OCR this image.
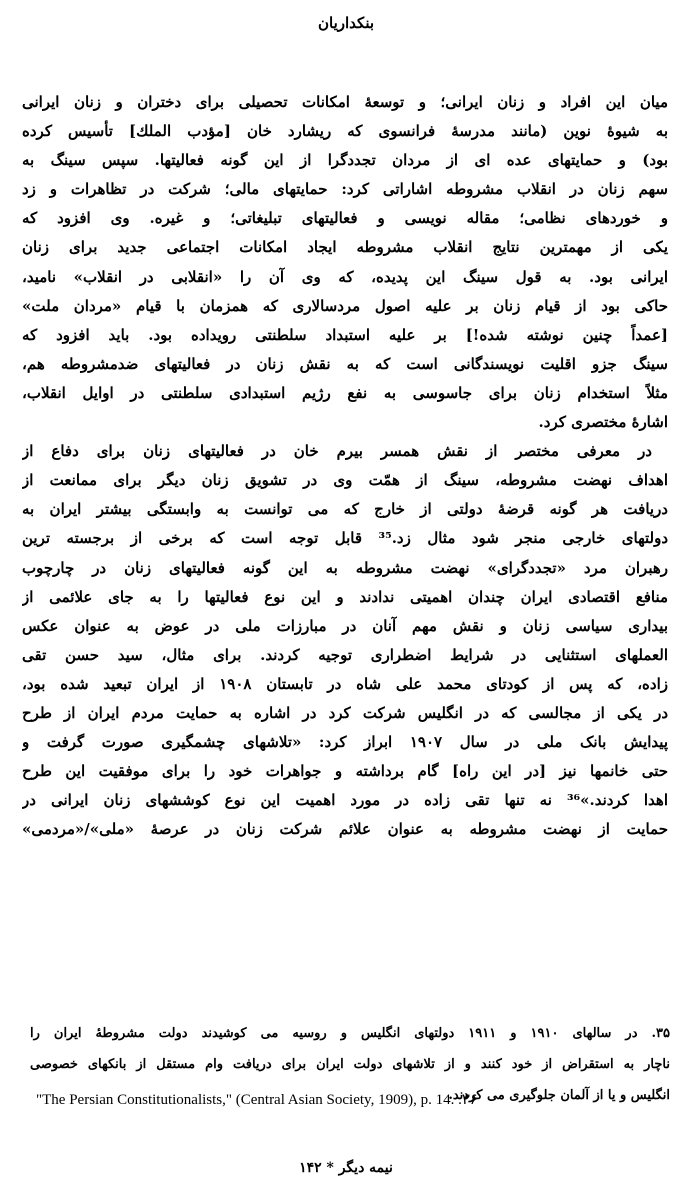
بنکداریان

میان این افراد و زنان ایرانی؛ و توسعهٔ امکانات تحصیلی برای دختران و زنان ایرانی
به شیوهٔ نوین (مانند مدرسهٔ فرانسوی که ریشارد خان [مؤدب الملك] تأسیس کرده
بود) و حمایتهای عده ای از مردان تجددگرا از این گونه فعالیتها. سپس سینگ به
سهم زنان در انقلاب مشروطه اشاراتی کرد: حمایتهای مالی؛ شرکت در تظاهرات و زد
و خوردهای نظامی؛ مقاله نویسی و فعالیتهای تبلیغاتی؛ و غیره. وی افزود که
یکی از مهمترین نتایج انقلاب مشروطه ایجاد امکانات اجتماعی جدید برای زنان
ایرانی بود. به قول سینگ این پدیده، که وی آن را «انقلابی در انقلاب» نامید،
حاکی بود از قیام زنان بر علیه اصول مردسالاری که همزمان با قیام «مردان ملت»
[عمداً چنین نوشته شده!] بر علیه استبداد سلطنتی رویداده بود. باید افزود که
سینگ جزو اقلیت نویسندگانی است که به نقش زنان در فعالیتهای ضدمشروطه هم،
مثلاً استخدام زنان برای جاسوسی به نفع رژیم استبدادی سلطنتی در اوایل انقلاب،
اشارهٔ مختصری کرد.

در معرفی مختصر از نقش همسر بیرم خان در فعالیتهای زنان برای دفاع از
اهداف نهضت مشروطه، سینگ از همّت وی در تشویق زنان دیگر برای ممانعت از
دریافت هر گونه قرضهٔ دولتی از خارج که می توانست به وابستگی بیشتر ایران به
دولتهای خارجی منجر شود مثال زد.³⁵ قابل توجه است که برخی از برجسته ترین
رهبران مرد «تجددگرای» نهضت مشروطه به این گونه فعالیتهای زنان در چارچوب
منافع اقتصادی ایران چندان اهمیتی ندادند و این نوع فعالیتها را به جای علائمی از
بیداری سیاسی زنان و نقش مهم آنان در مبارزات ملی در عوض به عنوان عکس
العملهای استثنایی در شرایط اضطراری توجیه کردند. برای مثال، سید حسن تقی
زاده، که پس از کودتای محمد علی شاه در تابستان ۱۹۰۸ از ایران تبعید شده بود،
در یکی از مجالسی که در انگلیس شرکت کرد در اشاره به حمایت مردم ایران از طرح
پیدایش بانک ملی در سال ۱۹۰۷ ابراز کرد: «تلاشهای چشمگیری صورت گرفت و
حتی خانمها نیز [در این راه] گام برداشته و جواهرات خود را برای موفقیت این طرح
اهدا کردند.»³⁶ نه تنها تقی زاده در مورد اهمیت این نوع کوششهای زنان ایرانی در
حمایت از نهضت مشروطه به عنوان علائم شرکت زنان در عرصهٔ «ملی»/«مردمی»

۳۵. در سالهای ۱۹۱۰ و ۱۹۱۱ دولتهای انگلیس و روسیه می کوشیدند دولت مشروطهٔ ایران را
ناچار به استقراض از خود کنند و از تلاشهای دولت ایران برای دریافت وام مستقل از بانکهای خصوصی
انگلیس و یا از آلمان جلوگیری می کردند.
"The Persian Constitutionalists," (Central Asian Society, 1909), p. 14. .۳۶
نیمه دیگر * ۱۴۲
